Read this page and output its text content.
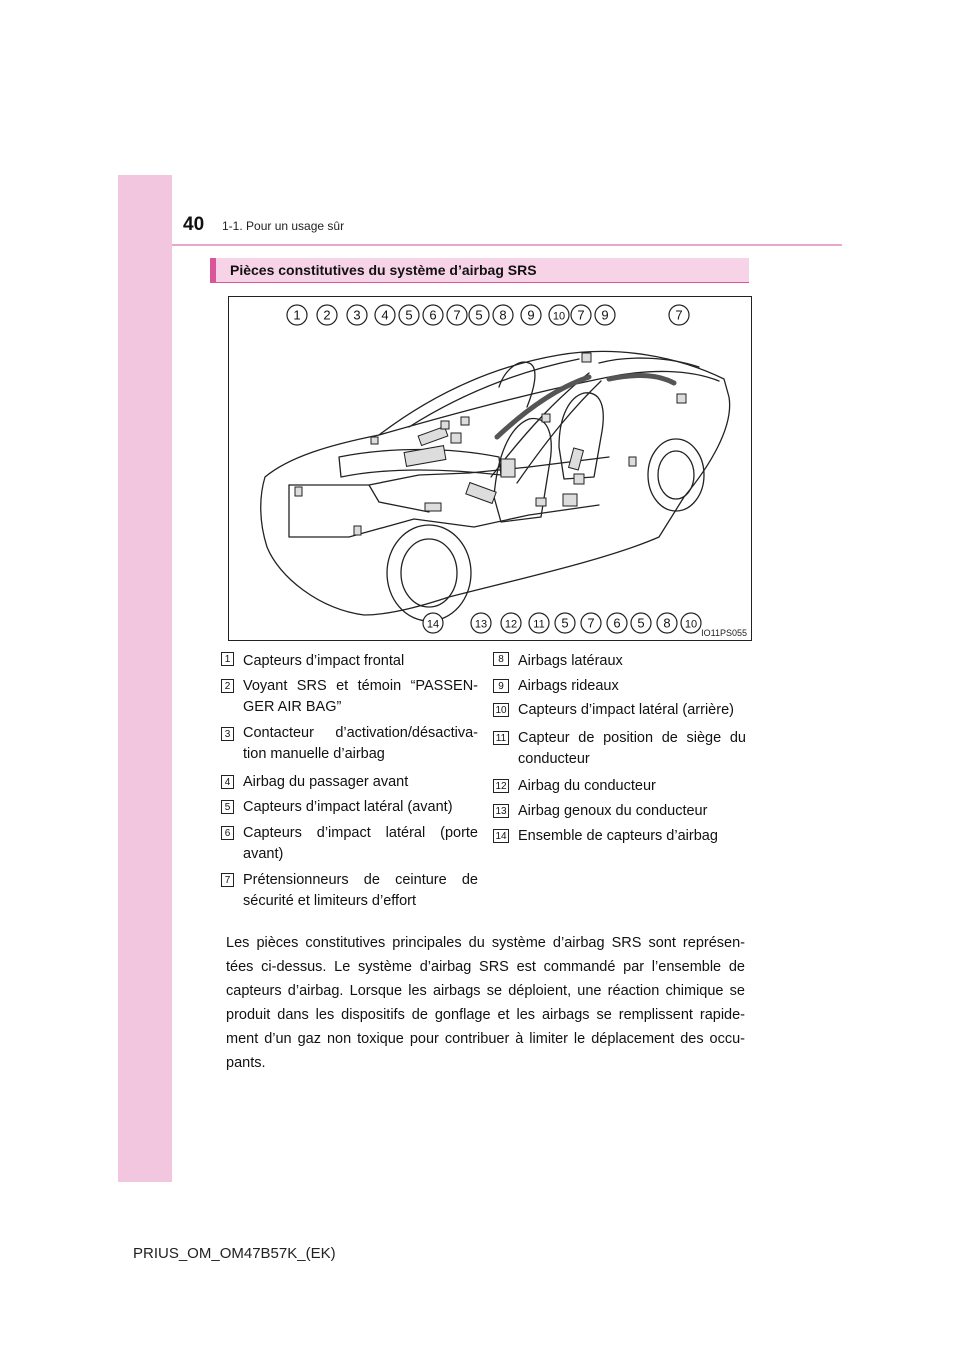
40 1-1. Pour un usage sûr
Pièces constitutives du système d’airbag SRS
1 2 3 4 5 6 7 5 8 9 10 7 9	7
14	13 12 11 5 7 6 5 8 10
IO11PS055
1 Capteurs d’impact frontal
2 Voyant SRS et témoin “PASSEN-GER AIR BAG”
3 Contacteur d’activation/désactiva-tion manuelle d’airbag
4 Airbag du passager avant
5 Capteurs d’impact latéral (avant)
6 Capteurs d’impact latéral (porte avant)
7 Prétensionneurs de ceinture de sécurité et limiteurs d’effort
8 Airbags latéraux
9 Airbags rideaux
10 Capteurs d’impact latéral (arrière)
11 Capteur de position de siège du conducteur
12 Airbag du conducteur
13 Airbag genoux du conducteur
14 Ensemble de capteurs d’airbag
Les pièces constitutives principales du système d’airbag SRS sont représen-tées ci-dessus. Le système d’airbag SRS est commandé par l’ensemble de capteurs d’airbag. Lorsque les airbags se déploient, une réaction chimique se produit dans les dispositifs de gonflage et les airbags se remplissent rapide-ment d’un gaz non toxique pour contribuer à limiter le déplacement des occu-pants.
PRIUS_OM_OM47B57K_(EK)
